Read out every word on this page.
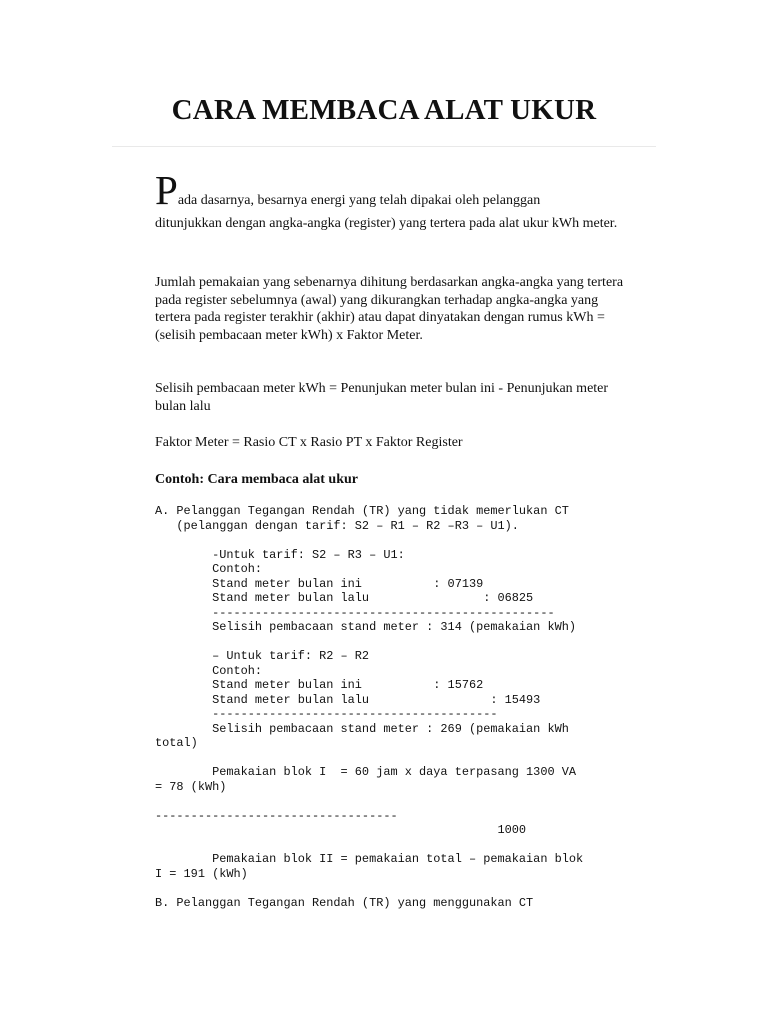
CARA MEMBACA ALAT UKUR

Pada dasarnya, besarnya energi yang telah dipakai oleh pelanggan
ditunjukkan dengan angka-angka (register) yang tertera pada alat ukur kWh meter.

Jumlah pemakaian yang sebenarnya dihitung berdasarkan angka-angka yang tertera pada register sebelumnya (awal) yang dikurangkan terhadap angka-angka yang tertera pada register terakhir (akhir) atau dapat dinyatakan dengan rumus kWh = (selisih pembacaan meter kWh) x Faktor Meter.

Selisih pembacaan meter kWh = Penunjukan meter bulan ini - Penunjukan meter bulan lalu

Faktor Meter = Rasio CT x Rasio PT x Faktor Register

Contoh: Cara membaca alat ukur

A. Pelanggan Tegangan Rendah (TR) yang tidak memerlukan CT
(pelanggan dengan tarif: S2 – R1 – R2 –R3 – U1).

-Untuk tarif: S2 – R3 – U1:
Contoh:
Stand meter bulan ini          : 07139
Stand meter bulan lalu                : 06825
------------------------------------------------
Selisih pembacaan stand meter : 314 (pemakaian kWh)

– Untuk tarif: R2 – R2
Contoh:
Stand meter bulan ini          : 15762
Stand meter bulan lalu                 : 15493
----------------------------------------
Selisih pembacaan stand meter : 269 (pemakaian kWh
total)

Pemakaian blok I  = 60 jam x daya terpasang 1300 VA
= 78 (kWh)

----------------------------------
1000

Pemakaian blok II = pemakaian total – pemakaian blok
I = 191 (kWh)

B. Pelanggan Tegangan Rendah (TR) yang menggunakan CT
